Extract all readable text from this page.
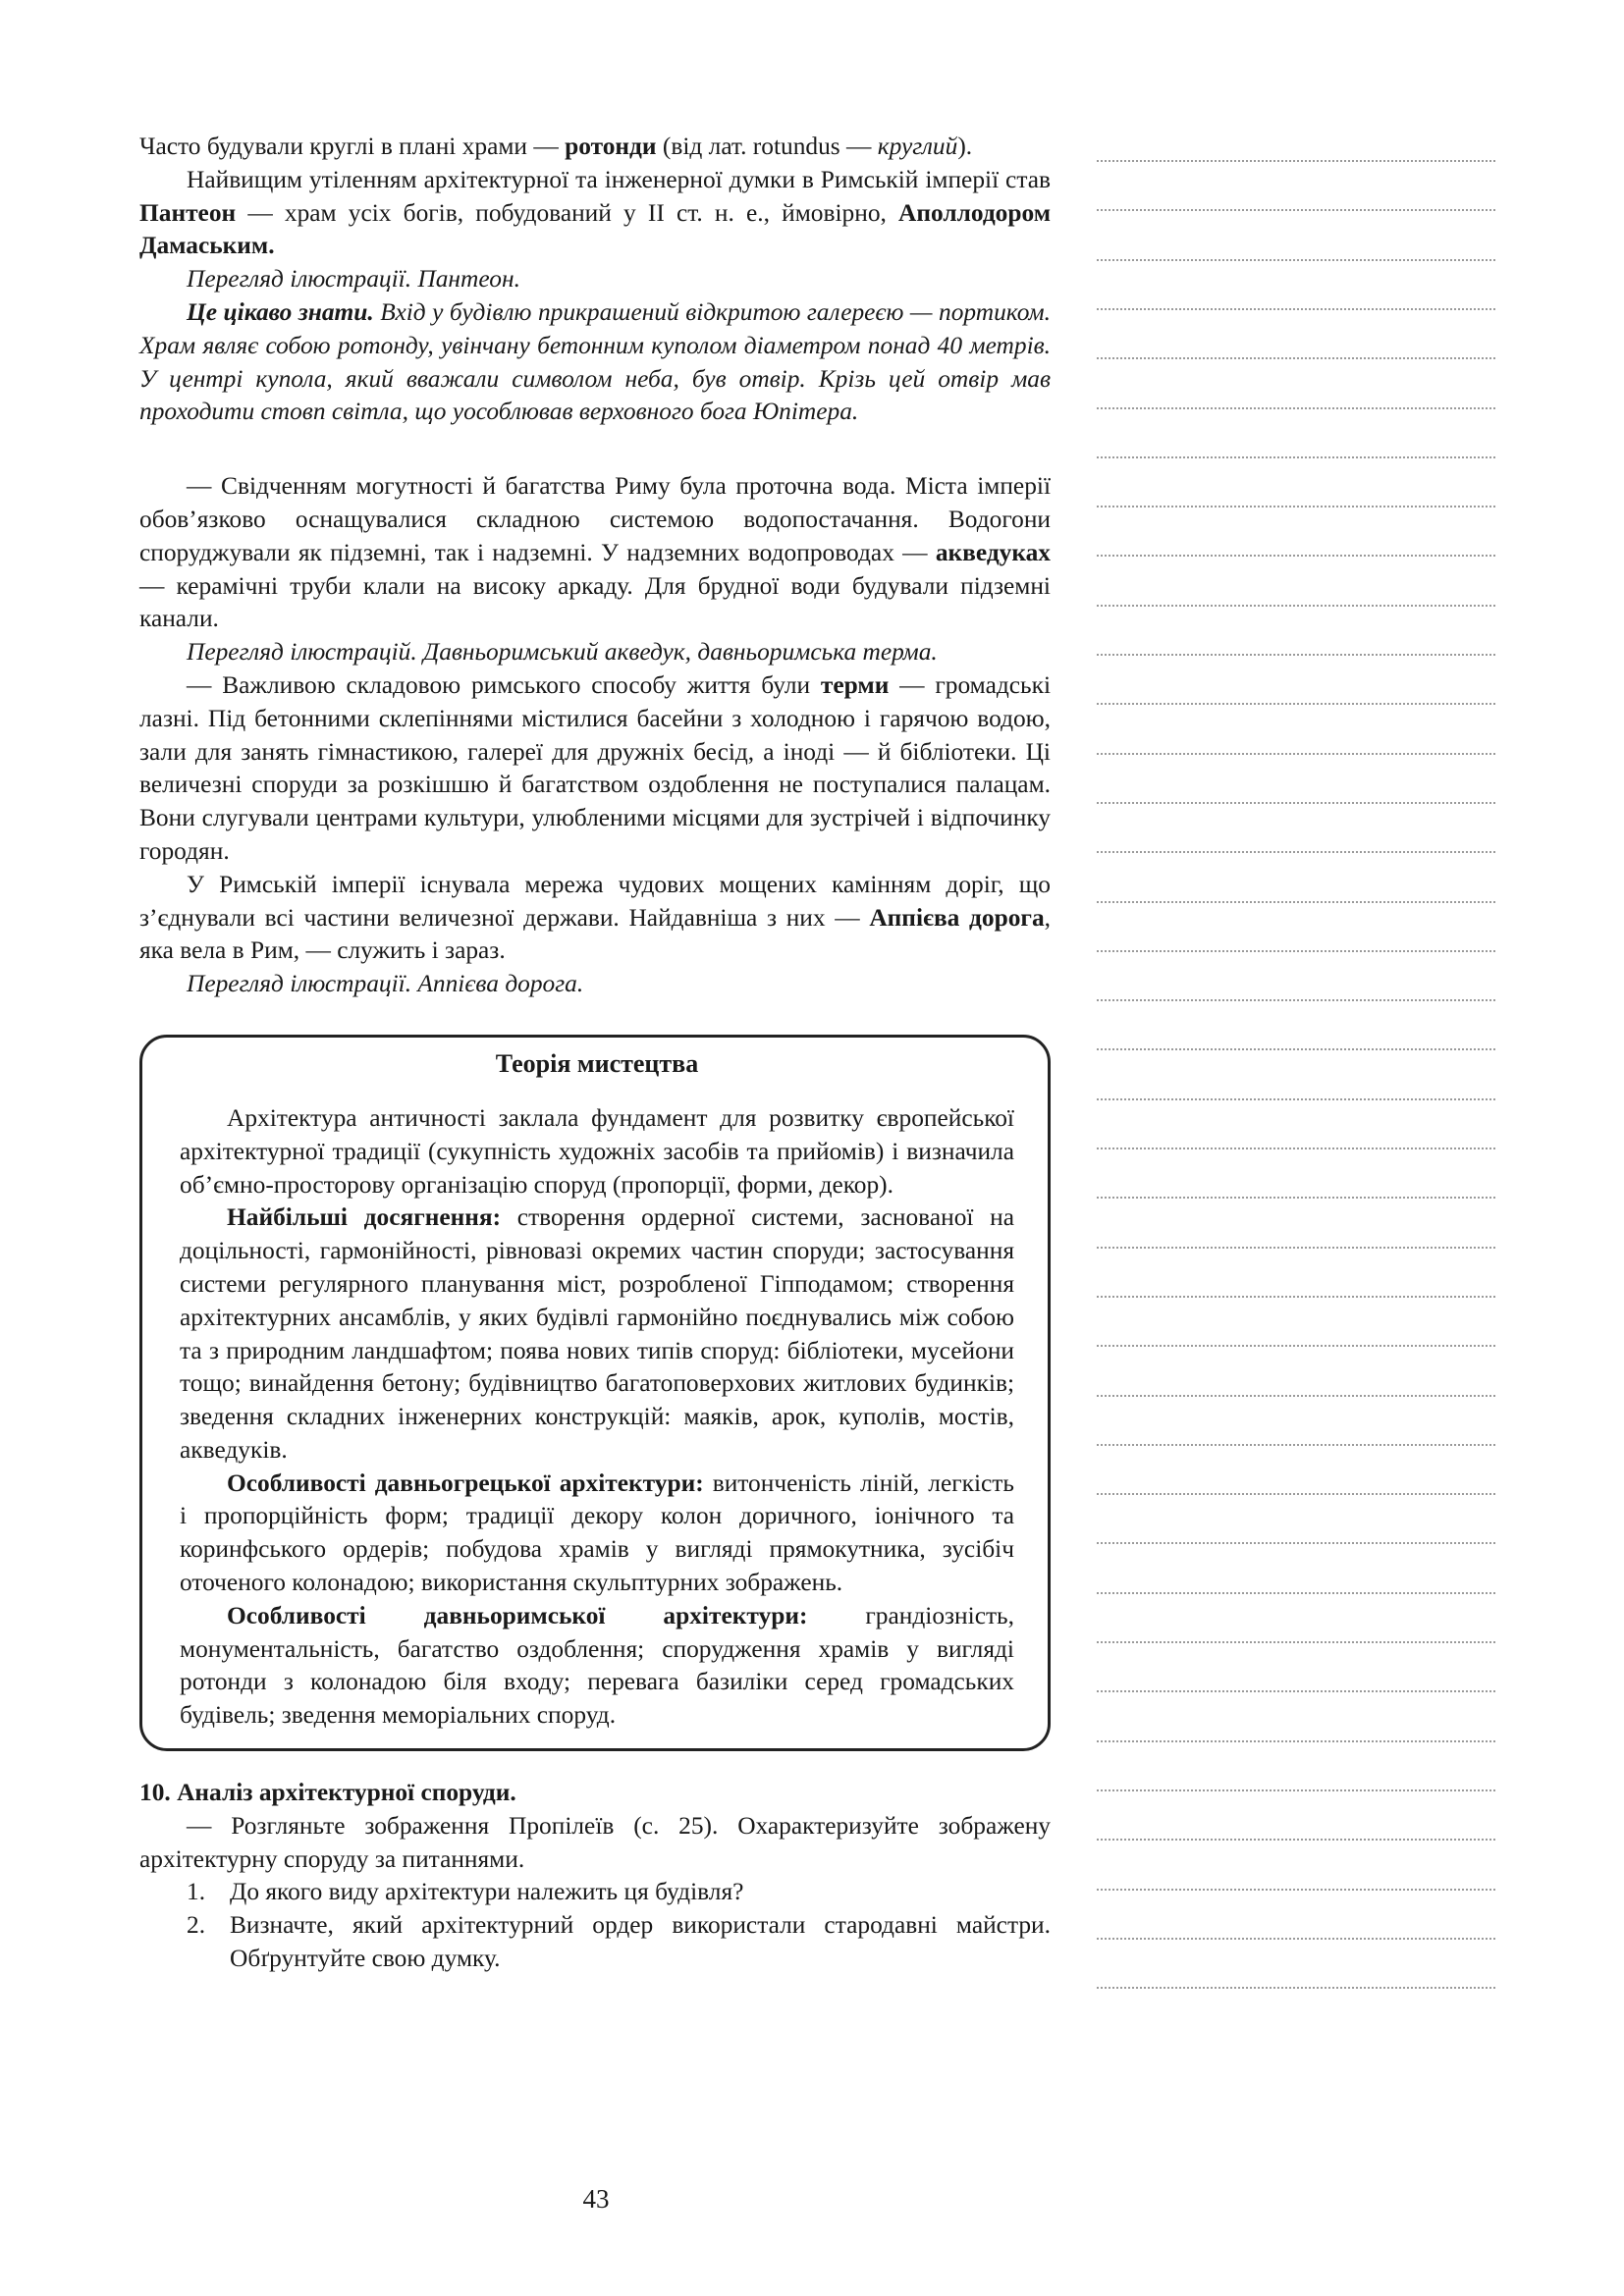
Часто будували круглі в плані храми — ротонди (від лат. rotundus — круглий).

Найвищим утіленням архітектурної та інженерної думки в Римській імперії став Пантеон — храм усіх богів, побудований у II ст. н. е., ймовірно, Аполлодором Дамаським.

Перегляд ілюстрації. Пантеон.

Це цікаво знати. Вхід у будівлю прикрашений відкритою галереєю — портиком. Храм являє собою ротонду, увінчану бетонним куполом діаметром понад 40 метрів. У центрі купола, який вважали символом неба, був отвір. Крізь цей отвір мав проходити стовп світла, що уособлював верховного бога Юпітера.

— Свідченням могутності й багатства Риму була проточна вода. Міста імперії обов’язково оснащувалися складною системою водопостачання. Водогони споруджували як підземні, так і надземні. У надземних водопроводах — акведуках — керамічні труби клали на високу аркаду. Для брудної води будували підземні канали.

Перегляд ілюстрацій. Давньоримський акведук, давньоримська терма.

— Важливою складовою римського способу життя були терми — громадські лазні. Під бетонними склепіннями містилися басейни з холодною і гарячою водою, зали для занять гімнастикою, галереї для дружніх бесід, а іноді — й бібліотеки. Ці величезні споруди за розкішшю й багатством оздоблення не поступалися палацам. Вони слугували центрами культури, улюбленими місцями для зустрічей і відпочинку городян.

У Римській імперії існувала мережа чудових мощених камінням доріг, що з’єднували всі частини величезної держави. Найдавніша з них — Аппієва дорога, яка вела в Рим, — служить і зараз.

Перегляд ілюстрації. Аппієва дорога.

Теорія мистецтва

Архітектура античності заклала фундамент для розвитку європейської архітектурної традиції (сукупність художніх засобів та прийомів) і визначила об’ємно-просторову організацію споруд (пропорції, форми, декор).

Найбільші досягнення: створення ордерної системи, заснованої на доцільності, гармонійності, рівновазі окремих частин споруди; застосування системи регулярного планування міст, розробленої Гіпподамом; створення архітектурних ансамблів, у яких будівлі гармонійно поєднувались між собою та з природним ландшафтом; поява нових типів споруд: бібліотеки, мусейони тощо; винайдення бетону; будівництво багатоповерхових житлових будинків; зведення складних інженерних конструкцій: маяків, арок, куполів, мостів, акведуків.

Особливості давньогрецької архітектури: витонченість ліній, легкість і пропорційність форм; традиції декору колон доричного, іонічного та коринфського ордерів; побудова храмів у вигляді прямокутника, зусібіч оточеного колонадою; використання скульптурних зображень.

Особливості давньоримської архітектури: грандіозність, монументальність, багатство оздоблення; спорудження храмів у вигляді ротонди з колонадою біля входу; перевага базиліки серед громадських будівель; зведення меморіальних споруд.

10. Аналіз архітектурної споруди.

— Розгляньте зображення Пропілеїв (с. 25). Охарактеризуйте зображену архітектурну споруду за питаннями.

1. До якого виду архітектури належить ця будівля?
2. Визначте, який архітектурний ордер використали стародавні майстри. Обґрунтуйте свою думку.
43
